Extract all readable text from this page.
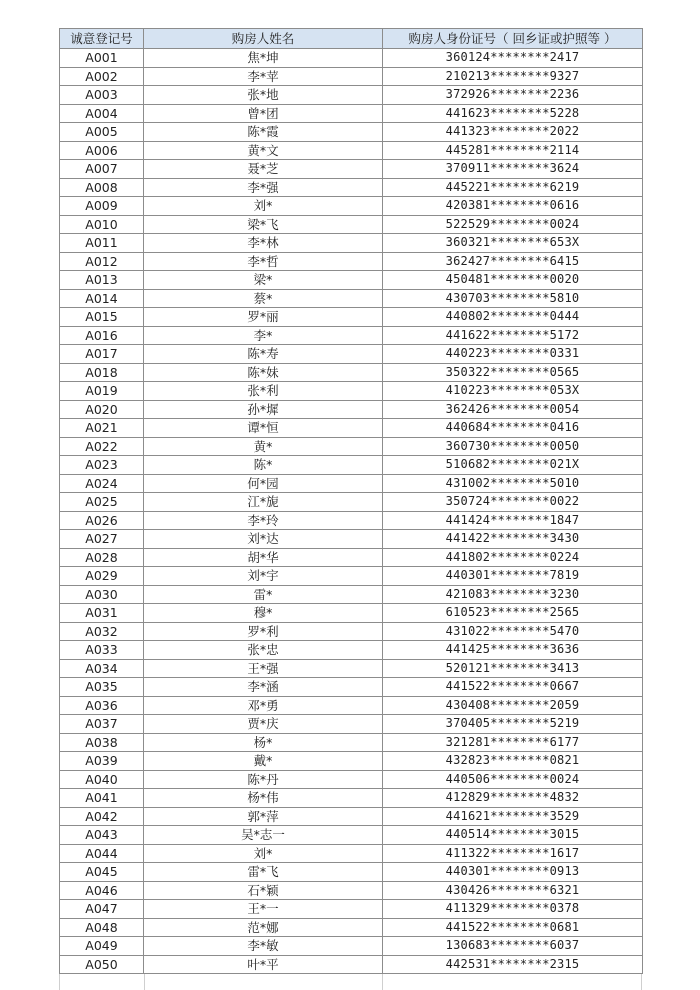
诚意登记号	购房人姓名	购房人身份证号（ 回乡证或护照等 ）
A001	焦*坤	360124********2417
A002	李*苹	210213********9327
A003	张*地	372926********2236
A004	曾*团	441623********5228
A005	陈*霞	441323********2022
A006	黄*文	445281********2114
A007	聂*芝	370911********3624
A008	李*强	445221********6219
A009	刘*	420381********0616
A010	梁*飞	522529********0024
A011	李*林	360321********653X
A012	李*哲	362427********6415
A013	梁*	450481********0020
A014	蔡*	430703********5810
A015	罗*丽	440802********0444
A016	李*	441622********5172
A017	陈*寿	440223********0331
A018	陈*妹	350322********0565
A019	张*利	410223********053X
A020	孙*墀	362426********0054
A021	谭*恒	440684********0416
A022	黄*	360730********0050
A023	陈*	510682********021X
A024	何*园	431002********5010
A025	江*旎	350724********0022
A026	李*玲	441424********1847
A027	刘*达	441422********3430
A028	胡*华	441802********0224
A029	刘*宇	440301********7819
A030	雷*	421083********3230
A031	穆*	610523********2565
A032	罗*利	431022********5470
A033	张*忠	441425********3636
A034	王*强	520121********3413
A035	李*涵	441522********0667
A036	邓*勇	430408********2059
A037	贾*庆	370405********5219
A038	杨*	321281********6177
A039	戴*	432823********0821
A040	陈*丹	440506********0024
A041	杨*伟	412829********4832
A042	郭*萍	441621********3529
A043	吴*志一	440514********3015
A044	刘*	411322********1617
A045	雷*飞	440301********0913
A046	石*颖	430426********6321
A047	王*一	411329********0378
A048	范*娜	441522********0681
A049	李*敏	130683********6037
A050	叶*平	442531********2315
